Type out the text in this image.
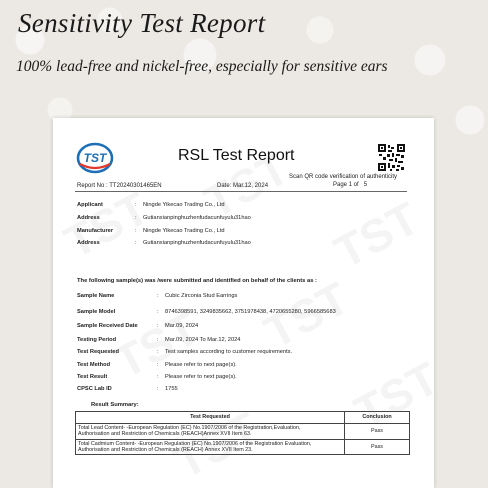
Sensitivity Test Report
100% lead-free and nickel-free, especially for sensitive ears
TST	RSL Test Report
Scan QR code verification of authenticity
Page 1 of 5
Report No : TT20240301465EN	Date: Mar.12, 2024
Applicant	: Ningde Yikecao Trading Co., Ltd
Address	: Gutianxianpinghuzhenfudacunfuyulu31hao
Manufacturer	: Ningde Yikecao Trading Co., Ltd
Address	: Gutianxianpinghuzhenfudacunfuyulu31hao
The following sample(s) was /were submitted and identified on behalf of the clients as :
Sample Name	: Cubic Zirconia Stud Earrings
Sample Model	: 8746398591, 3249835662, 3751978438, 4720655280, 5966585683
Sample Received Date	: Mar.09, 2024
Testing Period	: Mar.09, 2024 To Mar.12, 2024
Test Requested	: Test samples according to customer requirements.
Test Method	: Please refer to next page(s).
Test Result	: Please refer to next page(s).
CPSC Lab ID	: 1755
Result Summary:
Test Requested	Conclusion

Total Lead Content- -European Regulation (EC) No.1907/2006 of the Registration,Evaluation,
Authorisation and Restriction of Chemicals (REACH)Annex XVII Item 63.	Pass

Total Cadmium Content- -European Regulation (EC) No.1907/2006 of the Registration Evaluation,
Authorisation and Restriction of Chemicals (REACH) Annex XVII Item 23.	Pass
